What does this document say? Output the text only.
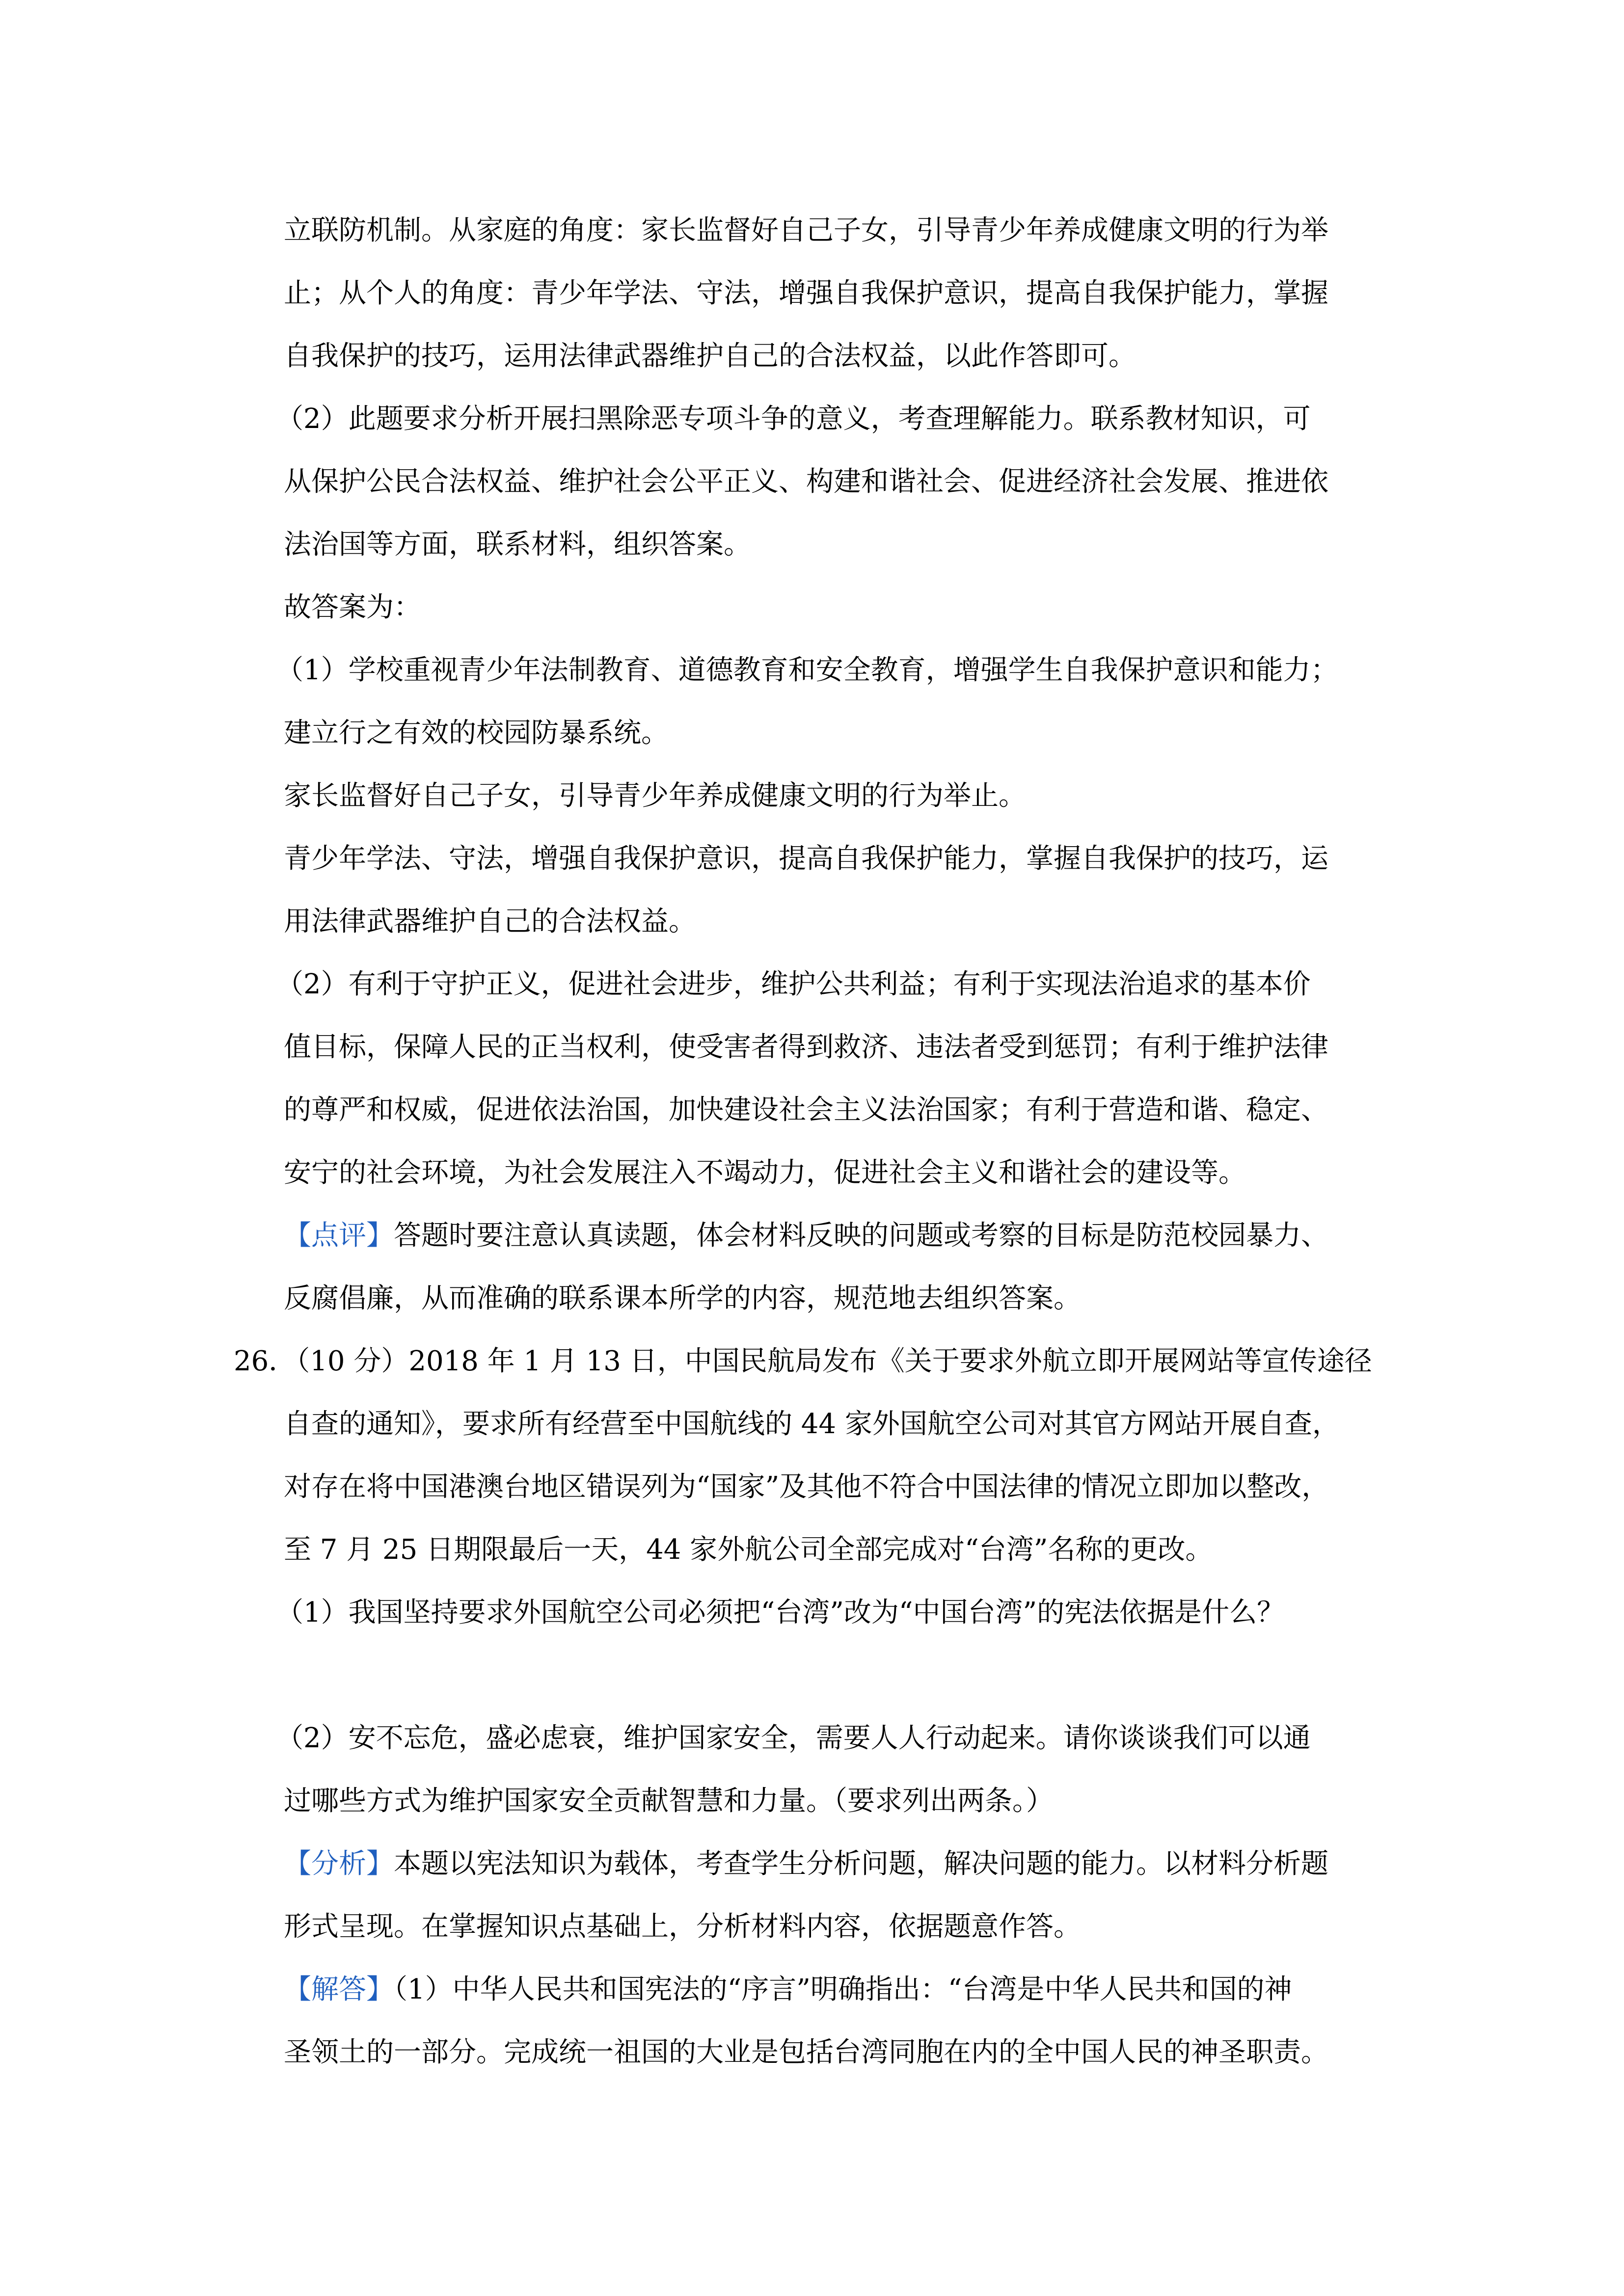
立联防机制。从家庭的角度：家长监督好自己子女，引导青少年养成健康文明的行为举
止；从个人的角度：青少年学法、守法，增强自我保护意识，提高自我保护能力，掌握
自我保护的技巧，运用法律武器维护自己的合法权益，以此作答即可。
（2）此题要求分析开展扫黑除恶专项斗争的意义，考查理解能力。联系教材知识，可
从保护公民合法权益、维护社会公平正义、构建和谐社会、促进经济社会发展、推进依
法治国等方面，联系材料，组织答案。
故答案为：
（1）学校重视青少年法制教育、道德教育和安全教育，增强学生自我保护意识和能力；
建立行之有效的校园防暴系统。
家长监督好自己子女，引导青少年养成健康文明的行为举止。
青少年学法、守法，增强自我保护意识，提高自我保护能力，掌握自我保护的技巧，运
用法律武器维护自己的合法权益。
（2）有利于守护正义，促进社会进步，维护公共利益；有利于实现法治追求的基本价
值目标，保障人民的正当权利，使受害者得到救济、违法者受到惩罚；有利于维护法律
的尊严和权威，促进依法治国，加快建设社会主义法治国家；有利于营造和谐、稳定、
安宁的社会环境，为社会发展注入不竭动力，促进社会主义和谐社会的建设等。
【点评】答题时要注意认真读题，体会材料反映的问题或考察的目标是防范校园暴力、
反腐倡廉，从而准确的联系课本所学的内容，规范地去组织答案。
26．（10 分）2018 年 1 月 13 日，中国民航局发布《关于要求外航立即开展网站等宣传途径
自查的通知》，要求所有经营至中国航线的 44 家外国航空公司对其官方网站开展自查，
对存在将中国港澳台地区错误列为“国家”及其他不符合中国法律的情况立即加以整改，
至 7 月 25 日期限最后一天，44 家外航公司全部完成对“台湾”名称的更改。
（1）我国坚持要求外国航空公司必须把“台湾”改为“中国台湾”的宪法依据是什么？
（2）安不忘危，盛必虑衰，维护国家安全，需要人人行动起来。请你谈谈我们可以通
过哪些方式为维护国家安全贡献智慧和力量。（要求列出两条。）
【分析】本题以宪法知识为载体，考查学生分析问题，解决问题的能力。以材料分析题
形式呈现。在掌握知识点基础上，分析材料内容，依据题意作答。
【解答】（1）中华人民共和国宪法的“序言”明确指出：“台湾是中华人民共和国的神
圣领土的一部分。完成统一祖国的大业是包括台湾同胞在内的全中国人民的神圣职责。
